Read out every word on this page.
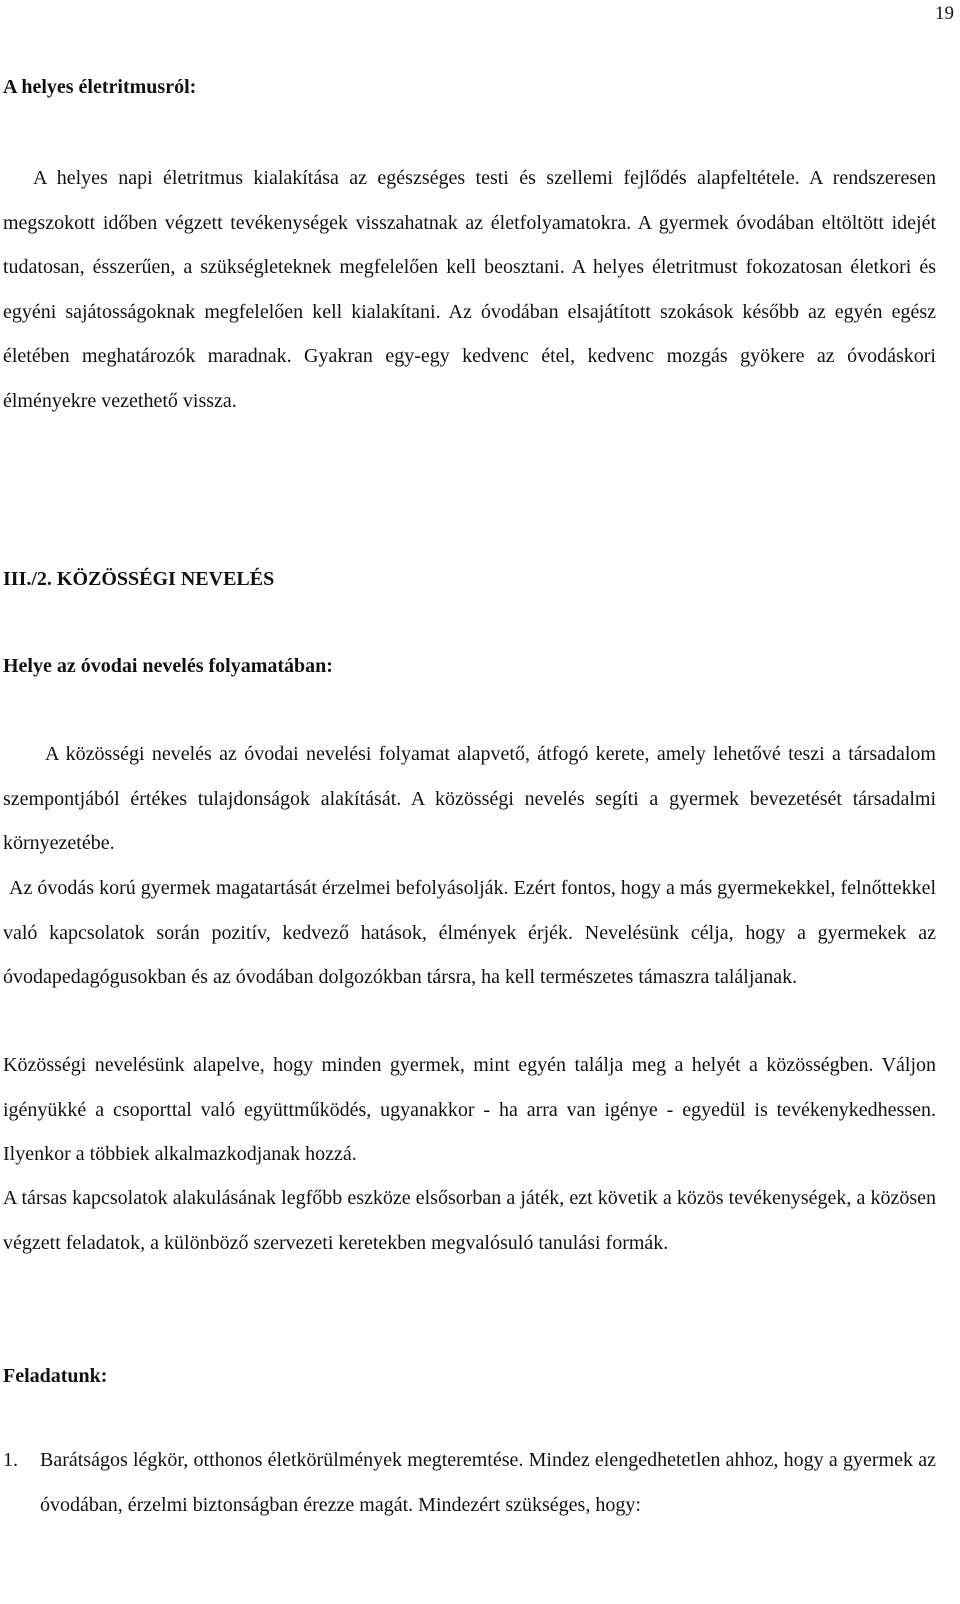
19
A helyes életritmusról:

A helyes napi életritmus kialakítása az egészséges testi és szellemi fejlődés alapfeltétele. A rendszeresen megszokott időben végzett tevékenységek visszahatnak az életfolyamatokra. A gyermek óvodában eltöltött idejét tudatosan, ésszerűen, a szükségleteknek megfelelően kell beosztani. A helyes életritmust fokozatosan életkori és egyéni sajátosságoknak megfelelően kell kialakítani. Az óvodában elsajátított szokások később az egyén egész életében meghatározók maradnak. Gyakran egy-egy kedvenc étel, kedvenc mozgás gyökere az óvodáskori élményekre vezethető vissza.

III./2. KÖZÖSSÉGI NEVELÉS
Helye az óvodai nevelés folyamatában:

A közösségi nevelés az óvodai nevelési folyamat alapvető, átfogó kerete, amely lehetővé teszi a társadalom szempontjából értékes tulajdonságok alakítását. A közösségi nevelés segíti a gyermek bevezetését társadalmi környezetébe.

Az óvodás korú gyermek magatartását érzelmei befolyásolják. Ezért fontos, hogy a más gyermekekkel, felnőttekkel való kapcsolatok során pozitív, kedvező hatások, élmények érjék. Nevelésünk célja, hogy a gyermekek az óvodapedagógusokban és az óvodában dolgozókban társra, ha kell természetes támaszra találjanak.

Közösségi nevelésünk alapelve, hogy minden gyermek, mint egyén találja meg a helyét a közösségben. Váljon igényükké a csoporttal való együttműködés, ugyanakkor - ha arra van igénye - egyedül is tevékenykedhessen. Ilyenkor a többiek alkalmazkodjanak hozzá.

A társas kapcsolatok alakulásának legfőbb eszköze elsősorban a játék, ezt követik a közös tevékenységek, a közösen végzett feladatok, a különböző szervezeti keretekben megvalósuló tanulási formák.

Feladatunk:
1. Barátságos légkör, otthonos életkörülmények megteremtése. Mindez elengedhetetlen ahhoz, hogy a gyermek az óvodában, érzelmi biztonságban érezze magát. Mindezért szükséges, hogy:
